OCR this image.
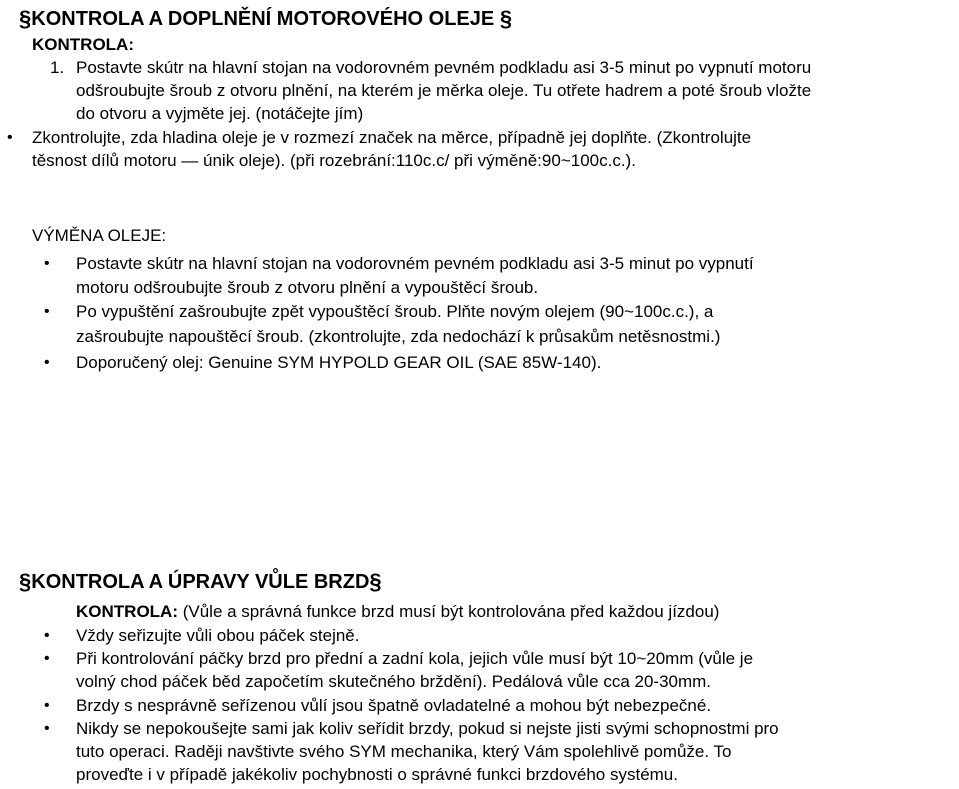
§KONTROLA A DOPLNĚNÍ MOTOROVÉHO OLEJE §
KONTROLA:
1. Postavte skútr na hlavní stojan na vodorovném pevném podkladu asi 3-5 minut po vypnutí motoru
odšroubujte šroub z otvoru plnění, na kterém je měrka oleje. Tu otřete hadrem a poté šroub vložte
do otvoru a vyjměte jej. (notáčejte jím)
• Zkontrolujte, zda hladina oleje je v rozmezí značek na měrce, případně jej doplňte. (Zkontrolujte
těsnost dílů motoru — únik oleje). (při rozebrání:110c.c/ při výměně:90~100c.c.).
VÝMĚNA OLEJE:
• Postavte skútr na hlavní stojan na vodorovném pevném podkladu asi 3-5 minut po vypnutí
motoru odšroubujte šroub z otvoru plnění a vypouštěcí šroub.
• Po vypuštění zašroubujte zpět vypouštěcí šroub. Plňte novým olejem (90~100c.c.), a
zašroubujte napouštěcí šroub. (zkontrolujte, zda nedochází k průsakům netěsnostmi.)
• Doporučený olej: Genuine SYM HYPOLD GEAR OIL (SAE 85W-140).
§KONTROLA A ÚPRAVY VŮLE BRZD§
KONTROLA: (Vůle a správná funkce brzd musí být kontrolována před každou jízdou)
• Vždy seřizujte vůli obou páček stejně.
• Při kontrolování páčky brzd pro přední a zadní kola, jejich vůle musí být 10~20mm (vůle je
volný chod páček běd započetím skutečného brždění). Pedálová vůle cca 20-30mm.
• Brzdy s nesprávně seřízenou vůlí jsou špatně ovladatelné a mohou být nebezpečné.
• Nikdy se nepokoušejte sami jak koliv seřídit brzdy, pokud si nejste jisti svými schopnostmi pro
tuto operaci. Raději navštivte svého SYM mechanika, který Vám spolehlivě pomůže. To
proveďte i v případě jakékoliv pochybnosti o správné funkci brzdového systému.
